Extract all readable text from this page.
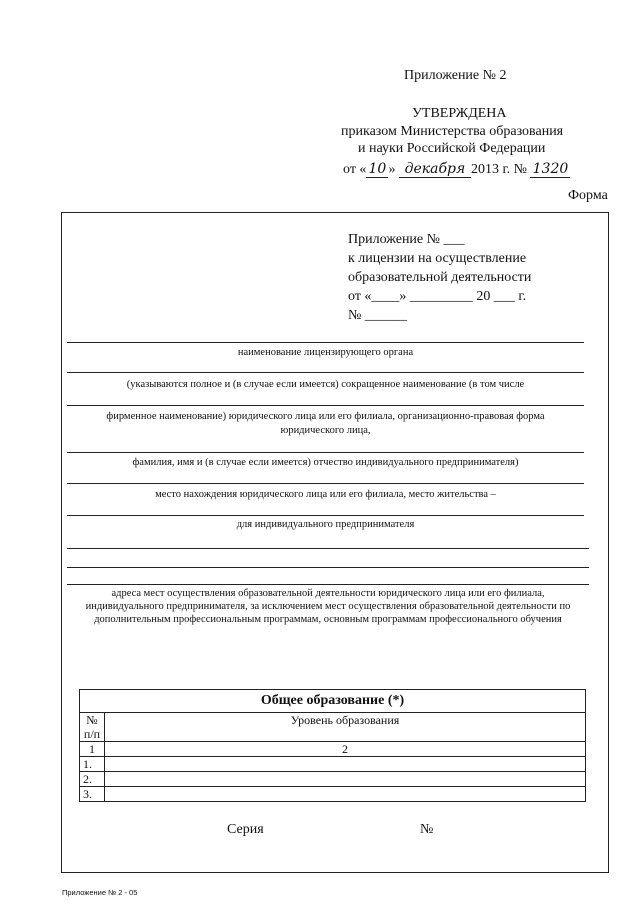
Приложение № 2
УТВЕРЖДЕНА
приказом Министерства образования
и науки Российской Федерации
от « 10 » декабря 2013 г. № 1320
Форма
Приложение № ___
к лицензии на осуществление
образовательной деятельности
от «____» _________ 20 ___ г.
№ ______
наименование лицензирующего органа
(указываются полное и (в случае если имеется) сокращенное наименование (в том числе
фирменное наименование) юридического лица или его филиала, организационно-правовая форма
юридического лица,
фамилия, имя и (в случае если имеется) отчество индивидуального предпринимателя)
место нахождения юридического лица или его филиала, место жительства –
для индивидуального предпринимателя
адреса мест осуществления образовательной деятельности юридического лица или его филиала,
индивидуального предпринимателя, за исключением мест осуществления образовательной деятельности по
дополнительным профессиональным программам, основным программам профессионального обучения
Общее образование (*)	

№
п/п	Уровень образования
1	2
1.	
2.	
3.	
Серия	№
Приложение № 2 - 05
